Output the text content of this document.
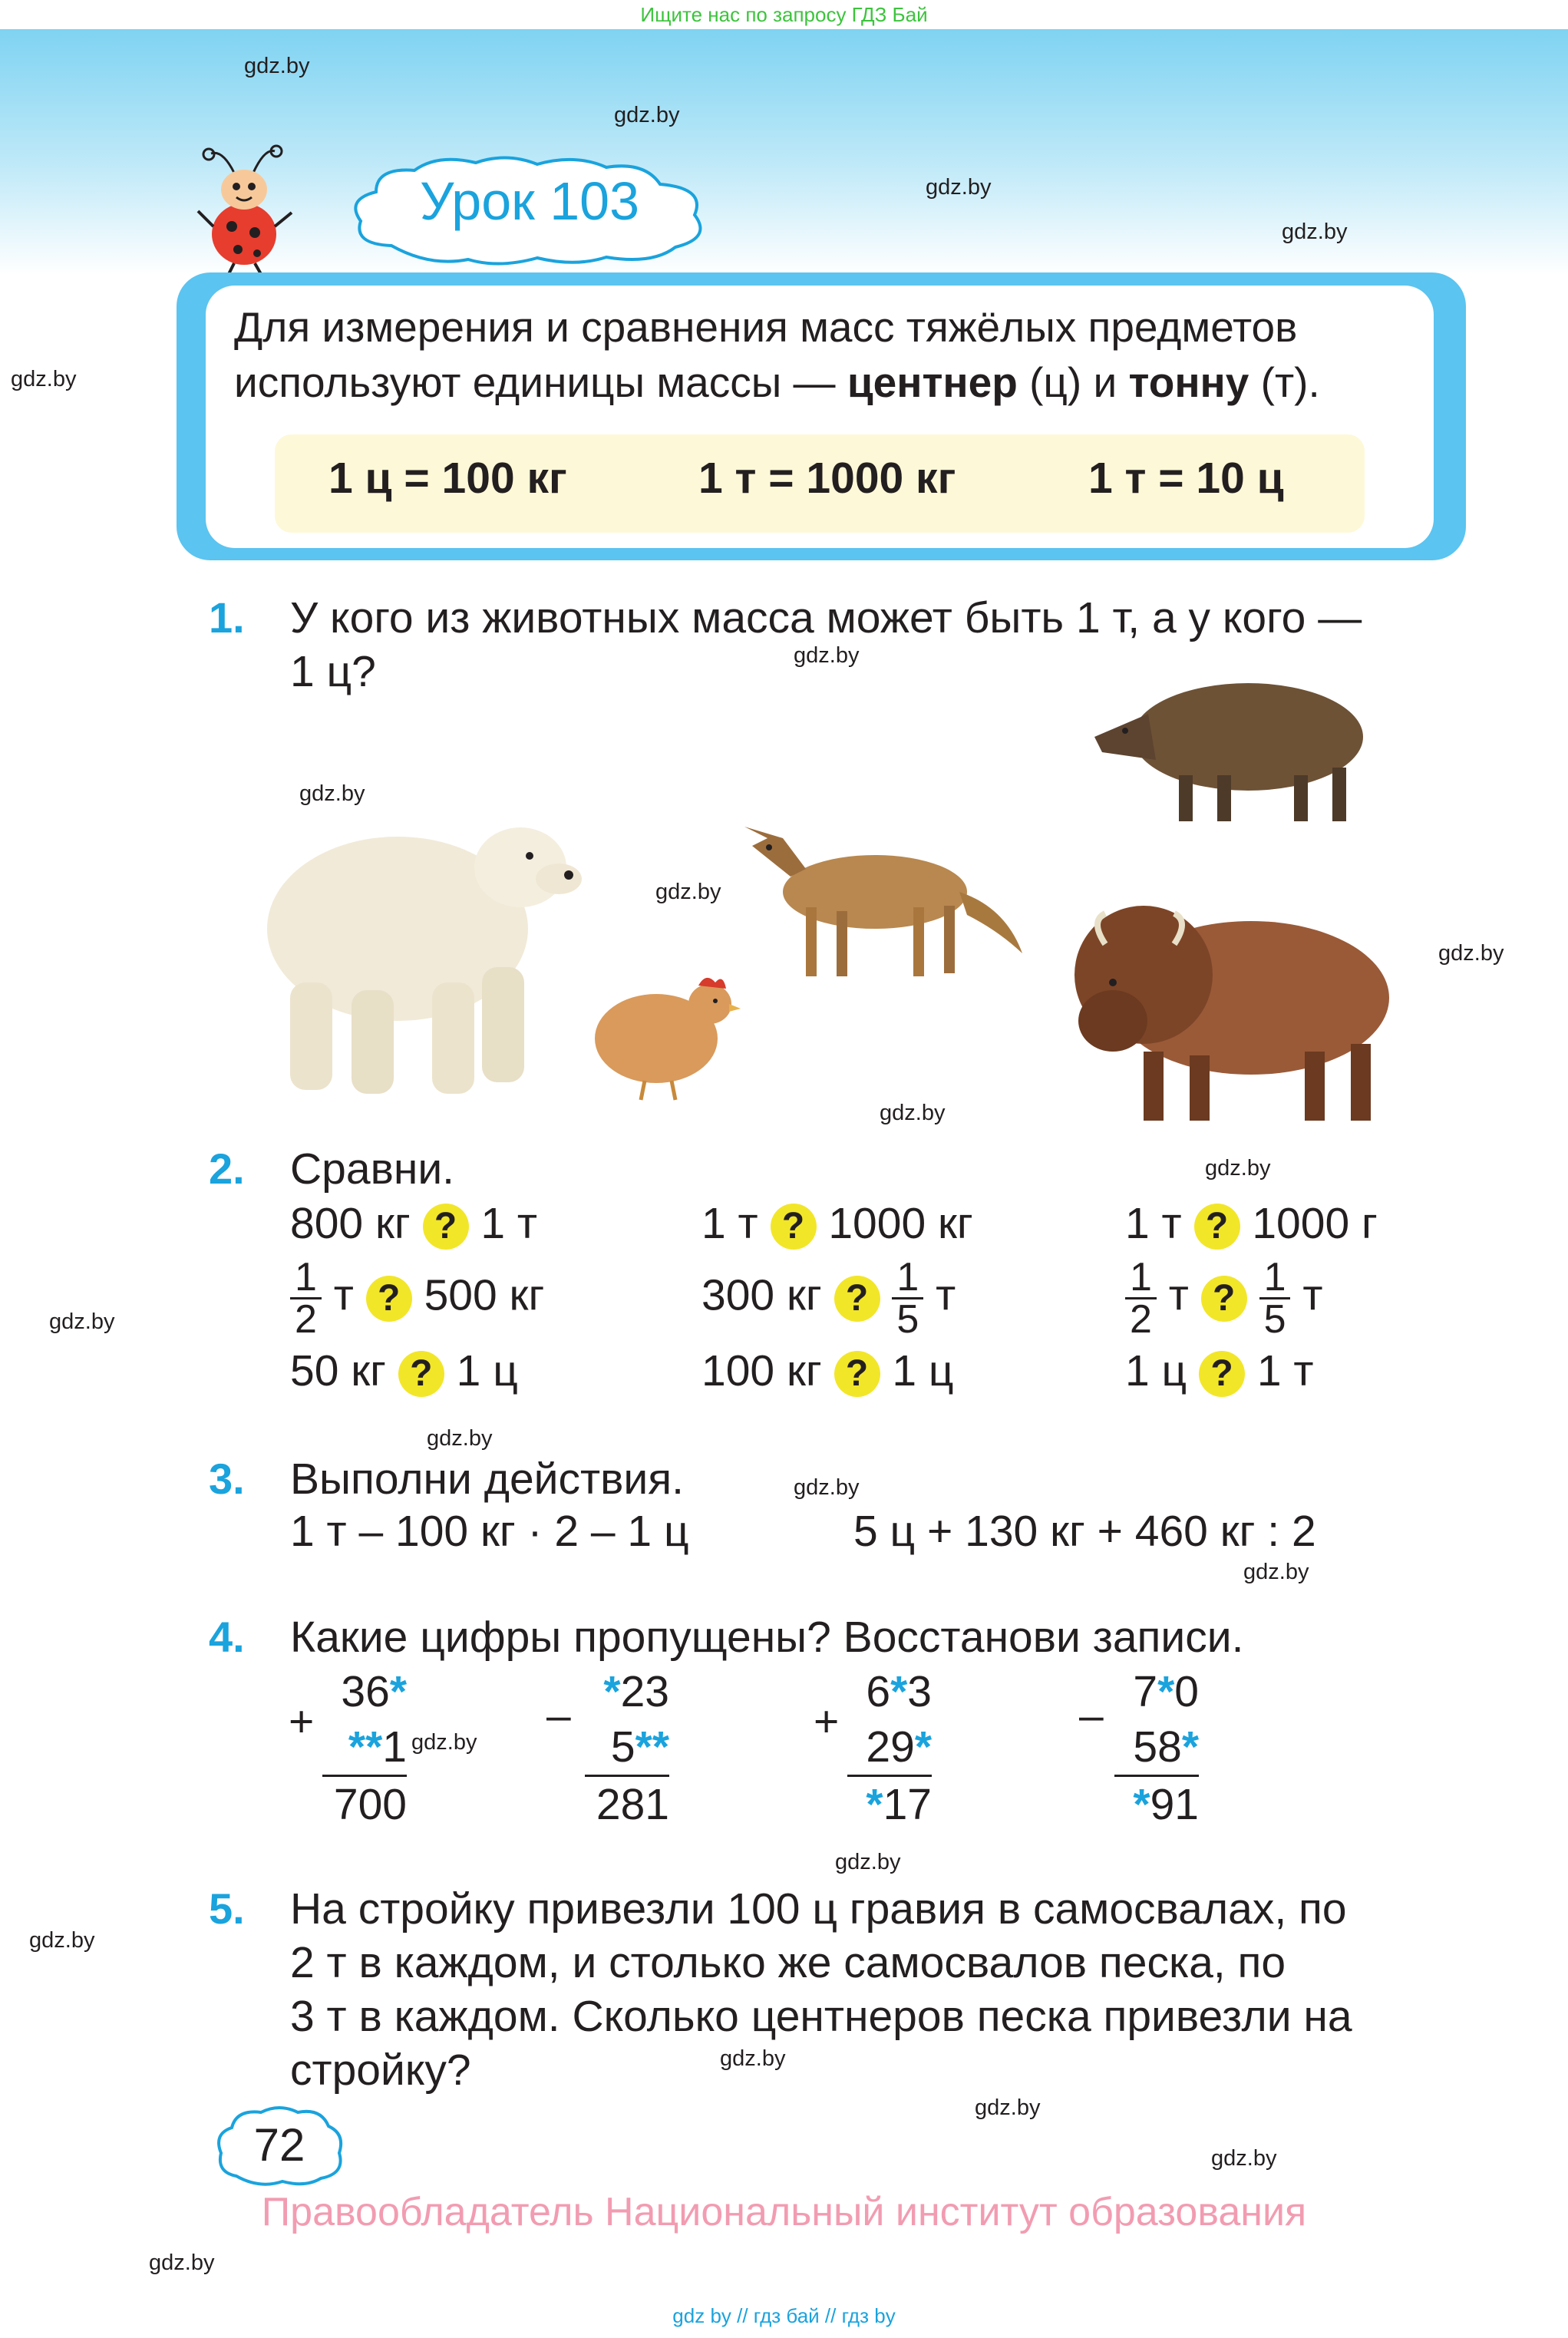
Ищите нас по запросу ГДЗ Бай
gdz.by
gdz.by
gdz.by
gdz.by
gdz.by
gdz.by
gdz.by
gdz.by
gdz.by
gdz.by
gdz.by
gdz.by
gdz.by
gdz.by
gdz.by
gdz.by
gdz.by
gdz.by
gdz.by
gdz.by
gdz.by
gdz.by
Урок 103
Для измерения и сравнения масс тяжёлых предметов
используют единицы массы — центнер (ц) и тонну (т).
1 ц = 100 кг	1 т = 1000 кг	1 т = 10 ц
1. У кого из животных масса может быть 1 т, а у кого —
1 ц?
2. Сравни.
800 кг ? 1 т	1 т ? 1000 кг	1 т ? 1000 г
$\frac{1}{2}$ т ? 500 кг	300 кг ? $\frac{1}{5}$ т	$\frac{1}{2}$ т ? $\frac{1}{5}$ т
50 кг ? 1 ц	100 кг ? 1 ц	1 ц ? 1 т
3. Выполни действия.
1 т – 100 кг · 2 – 1 ц	5 ц + 130 кг + 460 кг : 2
4. Какие цифры пропущены? Восстанови записи.
+
36*
**1
700
– *23
5**
281
+
6*3
29*
*17
– 7*0
58*
*91
5. На стройку привезли 100 ц гравия в самосвалах, по
2 т в каждом, и столько же самосвалов песка, по
3 т в каждом. Сколько центнеров песка привезли на
стройку?
72
Правообладатель Национальный институт образования
gdz by // гдз бай // гдз by
